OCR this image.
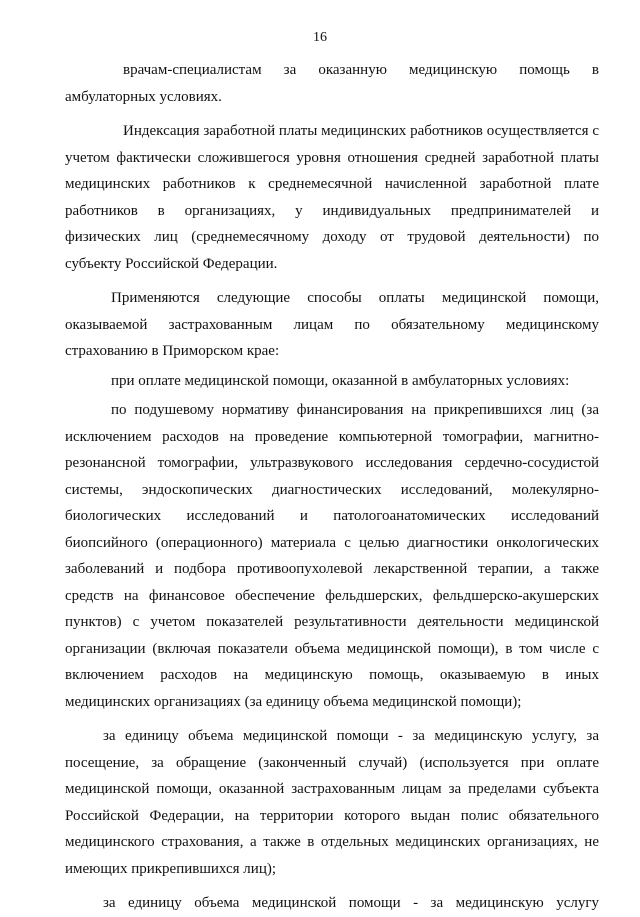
16
врачам-специалистам за оказанную медицинскую помощь в
амбулаторных условиях.
Индексация заработной платы медицинских работников осуществляется с
учетом фактически сложившегося уровня отношения средней заработной платы
медицинских работников к среднемесячной начисленной заработной плате
работников в организациях, у индивидуальных предпринимателей и
физических лиц (среднемесячному доходу от трудовой деятельности) по
субъекту Российской Федерации.
Применяются следующие способы оплаты медицинской помощи,
оказываемой застрахованным лицам по обязательному медицинскому
страхованию в Приморском крае:
при оплате медицинской помощи, оказанной в амбулаторных условиях:
по подушевому нормативу финансирования на прикрепившихся лиц (за
исключением расходов на проведение компьютерной томографии, магнитно-
резонансной томографии, ультразвукового исследования сердечно-сосудистой
системы, эндоскопических диагностических исследований, молекулярно-
биологических исследований и патологоанатомических исследований
биопсийного (операционного) материала с целью диагностики онкологических
заболеваний и подбора противоопухолевой лекарственной терапии, а также
средств на финансовое обеспечение фельдшерских, фельдшерско-акушерских
пунктов) с учетом показателей результативности деятельности медицинской
организации (включая показатели объема медицинской помощи), в том числе с
включением расходов на медицинскую помощь, оказываемую в иных
медицинских организациях (за единицу объема медицинской помощи);
за единицу объема медицинской помощи - за медицинскую услугу, за
посещение, за обращение (законченный случай) (используется при оплате
медицинской помощи, оказанной застрахованным лицам за пределами субъекта
Российской Федерации, на территории которого выдан полис обязательного
медицинского страхования, а также в отдельных медицинских организациях, не
имеющих прикрепившихся лиц);
за единицу объема медицинской помощи - за медицинскую услугу
